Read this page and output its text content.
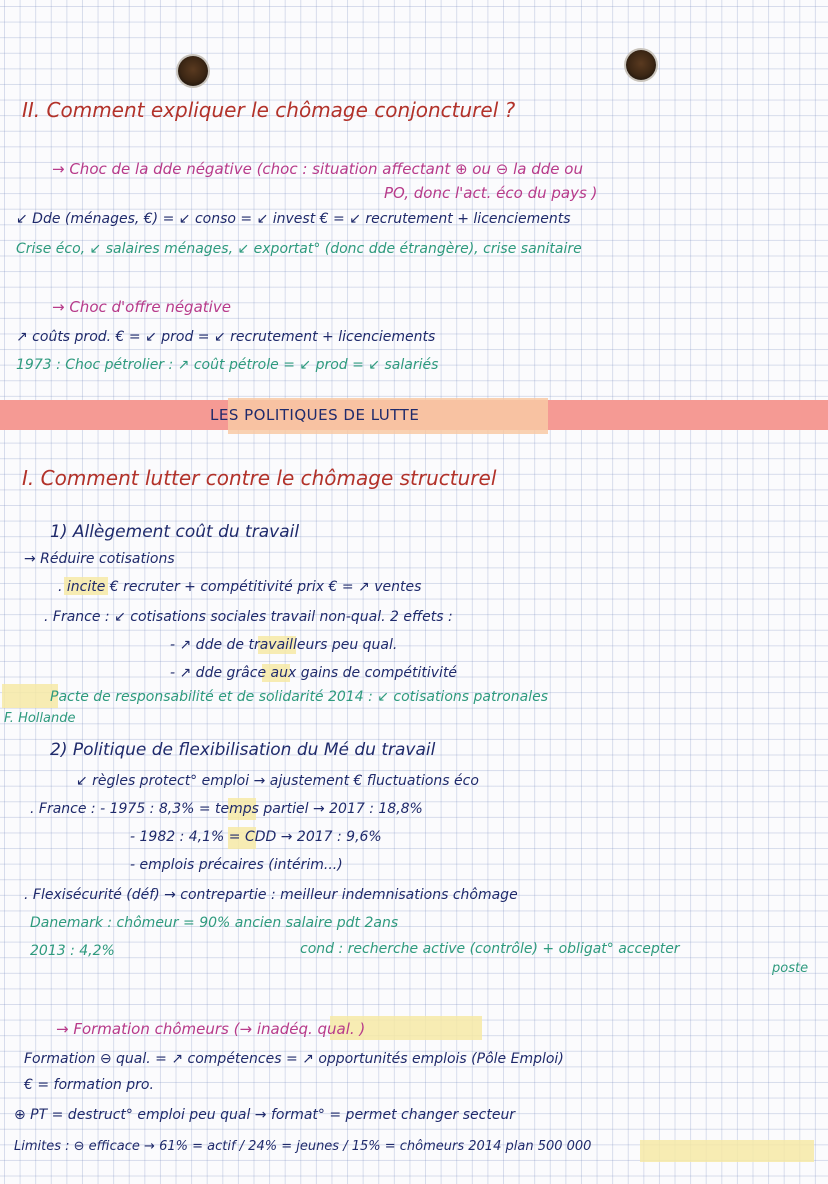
II. Comment expliquer le chômage conjoncturel ?
→ Choc de la dde négative (choc : situation affectant ⊕ ou ⊖ la dde ou
PO, donc l'act. éco du pays )
↙ Dde (ménages, €) = ↙ conso = ↙ invest € = ↙ recrutement + licenciements
Crise éco, ↙ salaires ménages, ↙ exportat° (donc dde étrangère), crise sanitaire
→ Choc d'offre négative
↗ coûts prod. € = ↙ prod = ↙ recrutement + licenciements
1973 : Choc pétrolier : ↗ coût pétrole = ↙ prod = ↙ salariés
LES POLITIQUES DE LUTTE
I. Comment lutter contre le chômage structurel
1) Allègement coût du travail
→ Réduire cotisations
. incite € recruter + compétitivité prix € = ↗ ventes
. France : ↙ cotisations sociales travail non-qual. 2 effets :
- ↗ dde de travailleurs peu qual.
- ↗ dde grâce aux gains de compétitivité
Pacte de responsabilité et de solidarité 2014 : ↙ cotisations patronales
F. Hollande
2) Politique de flexibilisation du Mé du travail
↙ règles protect° emploi → ajustement € fluctuations éco
. France : - 1975 : 8,3% = temps partiel → 2017 : 18,8%
- 1982 : 4,1% = CDD → 2017 : 9,6%
- emplois précaires (intérim...)
. Flexisécurité (déf) → contrepartie : meilleur indemnisations chômage
Danemark : chômeur = 90% ancien salaire pdt 2ans
2013 : 4,2%	cond : recherche active (contrôle) + obligat° accepter
poste
→ Formation chômeurs (→ inadéq. qual. )
Formation ⊖ qual. = ↗ compétences = ↗ opportunités emplois (Pôle Emploi)
€ = formation pro.
⊕ PT = destruct° emploi peu qual → format° = permet changer secteur
Limites : ⊖ efficace → 61% = actif / 24% = jeunes / 15% = chômeurs 2014 plan 500 000
